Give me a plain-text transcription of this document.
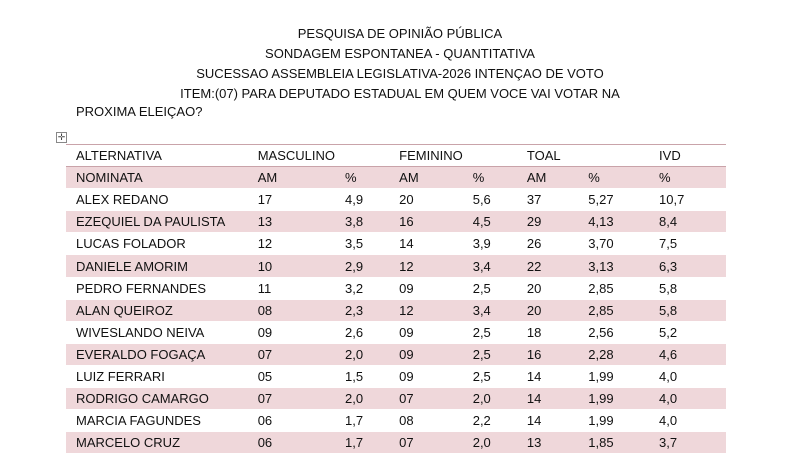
PESQUISA DE OPINIÃO PÚBLICA
SONDAGEM ESPONTANEA - QUANTITATIVA
SUCESSAO ASSEMBLEIA LEGISLATIVA-2026 INTENÇAO DE VOTO
ITEM:(07) PARA DEPUTADO ESTADUAL EM QUEM VOCE VAI VOTAR NA
PROXIMA ELEIÇAO?
✛
ALTERNATIVA	MASCULINO		FEMININO		TOAL		IVD
NOMINATA	AM	%	AM	%	AM	%	%
ALEX REDANO	17	4,9	20	5,6	37	5,27	10,7
EZEQUIEL DA PAULISTA	13	3,8	16	4,5	29	4,13	8,4
LUCAS FOLADOR	12	3,5	14	3,9	26	3,70	7,5
DANIELE AMORIM	10	2,9	12	3,4	22	3,13	6,3
PEDRO FERNANDES	11	3,2	09	2,5	20	2,85	5,8
ALAN QUEIROZ	08	2,3	12	3,4	20	2,85	5,8
WIVESLANDO NEIVA	09	2,6	09	2,5	18	2,56	5,2
EVERALDO FOGAÇA	07	2,0	09	2,5	16	2,28	4,6
LUIZ FERRARI	05	1,5	09	2,5	14	1,99	4,0
RODRIGO CAMARGO	07	2,0	07	2,0	14	1,99	4,0
MARCIA FAGUNDES	06	1,7	08	2,2	14	1,99	4,0
MARCELO CRUZ	06	1,7	07	2,0	13	1,85	3,7
